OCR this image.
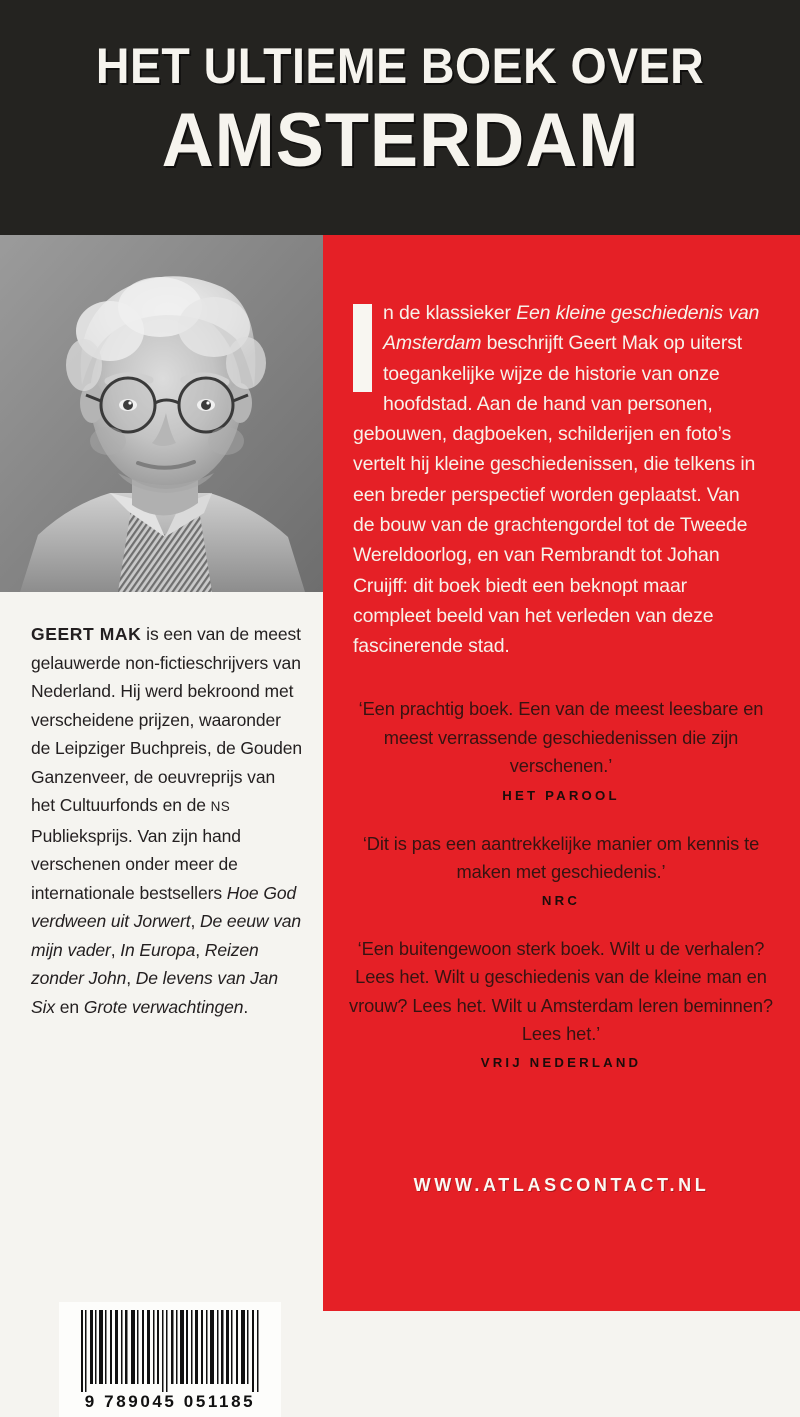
HET ULTIEME BOEK OVER
AMSTERDAM
GEERT MAK is een van de meest gelauwerde non-fictieschrijvers van Nederland. Hij werd bekroond met verscheidene prijzen, waaronder de Leipziger Buchpreis, de Gouden Ganzenveer, de oeuvreprijs van het Cultuurfonds en de NS Publieksprijs. Van zijn hand verschenen onder meer de internationale bestsellers Hoe God verdween uit Jorwert, De eeuw van mijn vader, In Europa, Reizen zonder John, De levens van Jan Six en Grote verwachtingen.
9 789045 051185
n de klassieker Een kleine geschiedenis van Amsterdam beschrijft Geert Mak op uiterst toegankelijke wijze de historie van onze hoofdstad. Aan de hand van personen, gebouwen, dagboeken, schilderijen en foto’s vertelt hij kleine geschiedenissen, die telkens in een breder perspectief worden geplaatst. Van de bouw van de grachtengordel tot de Tweede Wereldoorlog, en van Rembrandt tot Johan Cruijff: dit boek biedt een beknopt maar compleet beeld van het verleden van deze fascinerende stad.

‘Een prachtig boek. Een van de meest leesbare en meest verrassende geschiedenissen die zijn verschenen.’

HET PAROOL

‘Dit is pas een aantrekkelijke manier om kennis te maken met geschiedenis.’

NRC

‘Een buitengewoon sterk boek. Wilt u de verhalen? Lees het. Wilt u geschiedenis van de kleine man en vrouw? Lees het. Wilt u Amsterdam leren beminnen? Lees het.’

VRIJ NEDERLAND

WWW.ATLASCONTACT.NL
